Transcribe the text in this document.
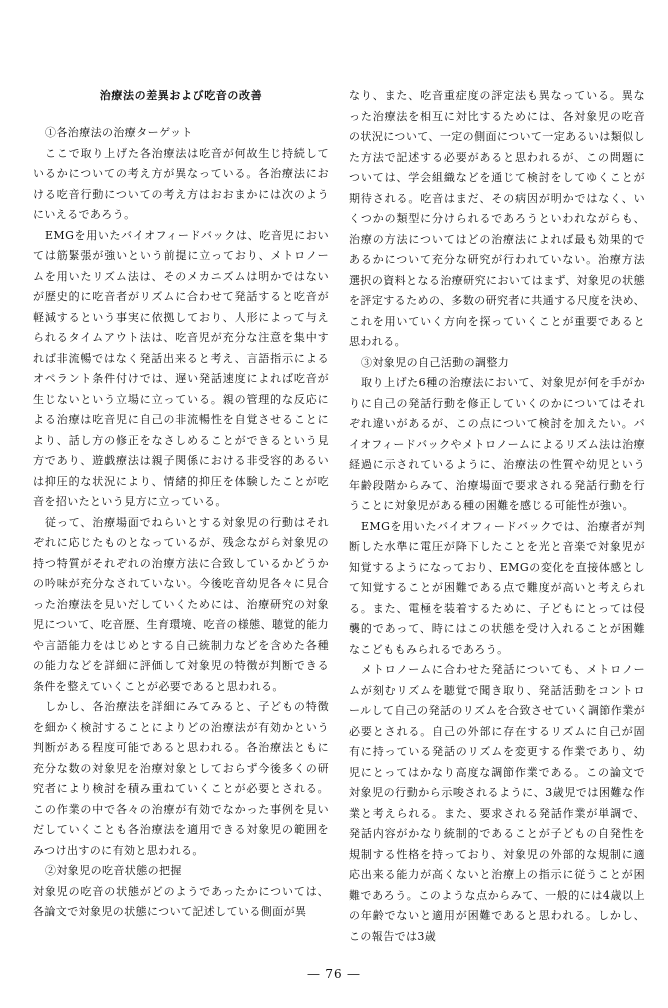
治療法の差異および吃音の改善

①各治療法の治療ターゲット

ここで取り上げた各治療法は吃音が何故生じ持続しているかについての考え方が異なっている。各治療法における吃音行動についての考え方はおおまかには次のようにいえるであろう。

EMGを用いたバイオフィードバックは、吃音児においては筋緊張が強いという前提に立っており、メトロノームを用いたリズム法は、そのメカニズムは明かではないが歴史的に吃音者がリズムに合わせて発話すると吃音が軽減するという事実に依拠しており、人形によって与えられるタイムアウト法は、吃音児が充分な注意を集中すれば非流暢ではなく発話出来ると考え、言語指示によるオペラント条件付けでは、遅い発話速度によれば吃音が生じないという立場に立っている。親の管理的な反応による治療は吃音児に自己の非流暢性を自覚させることにより、話し方の修正をなさしめることができるという見方であり、遊戯療法は親子関係における非受容的あるいは抑圧的な状況により、情緒的抑圧を体験したことが吃音を招いたという見方に立っている。

従って、治療場面でねらいとする対象児の行動はそれぞれに応じたものとなっているが、残念ながら対象児の持つ特質がそれぞれの治療方法に合致しているかどうかの吟味が充分なされていない。今後吃音幼児各々に見合った治療法を見いだしていくためには、治療研究の対象児について、吃音歴、生育環境、吃音の様態、聴覚的能力や言語能力をはじめとする自己統制力などを含めた各種の能力などを詳細に評価して対象児の特徴が判断できる条件を整えていくことが必要であると思われる。

しかし、各治療法を詳細にみてみると、子どもの特徴を細かく検討することによりどの治療法が有効かという判断がある程度可能であると思われる。各治療法ともに充分な数の対象児を治療対象としておらず今後多くの研究者により検討を積み重ねていくことが必要とされる。この作業の中で各々の治療が有効でなかった事例を見いだしていくことも各治療法を適用できる対象児の範囲をみつけ出すのに有効と思われる。

②対象児の吃音状態の把握

対象児の吃音の状態がどのようであったかについては、各論文で対象児の状態について記述している側面が異

なり、また、吃音重症度の評定法も異なっている。異なった治療法を相互に対比するためには、各対象児の吃音の状況について、一定の側面について一定あるいは類似した方法で記述する必要があると思われるが、この問題については、学会組織などを通じて検討をしてゆくことが期待される。吃音はまだ、その病因が明かではなく、いくつかの類型に分けられるであろうといわれながらも、治療の方法についてはどの治療法によれば最も効果的であるかについて充分な研究が行われていない。治療方法選択の資料となる治療研究においてはまず、対象児の状態を評定するための、多数の研究者に共通する尺度を決め、これを用いていく方向を探っていくことが重要であると思われる。

③対象児の自己活動の調整力

取り上げた6種の治療法において、対象児が何を手がかりに自己の発話行動を修正していくのかについてはそれぞれ違いがあるが、この点について検討を加えたい。バイオフィードバックやメトロノームによるリズム法は治療経過に示されているように、治療法の性質や幼児という年齢段階からみて、治療場面で要求される発話行動を行うことに対象児がある種の困難を感じる可能性が強い。

EMGを用いたバイオフィードバックでは、治療者が判断した水準に電圧が降下したことを光と音楽で対象児が知覚するようになっており、EMGの変化を直接体感として知覚することが困難である点で難度が高いと考えられる。また、電極を装着するために、子どもにとっては侵襲的であって、時にはこの状態を受け入れることが困難なこどももみられるであろう。

メトロノームに合わせた発話についても、メトロノームが刻むリズムを聴覚で聞き取り、発話活動をコントロールして自己の発話のリズムを合致させていく調節作業が必要とされる。自己の外部に存在するリズムに自己が固有に持っている発話のリズムを変更する作業であり、幼児にとってはかなり高度な調節作業である。この論文で対象児の行動から示唆されるように、3歳児では困難な作業と考えられる。また、要求される発話作業が単調で、発話内容がかなり統制的であることが子どもの自発性を規制する性格を持っており、対象児の外部的な規制に適応出来る能力が高くないと治療上の指示に従うことが困難であろう。このような点からみて、一般的には4歳以上の年齢でないと適用が困難であると思われる。しかし、この報告では3歳

― 76 ―
